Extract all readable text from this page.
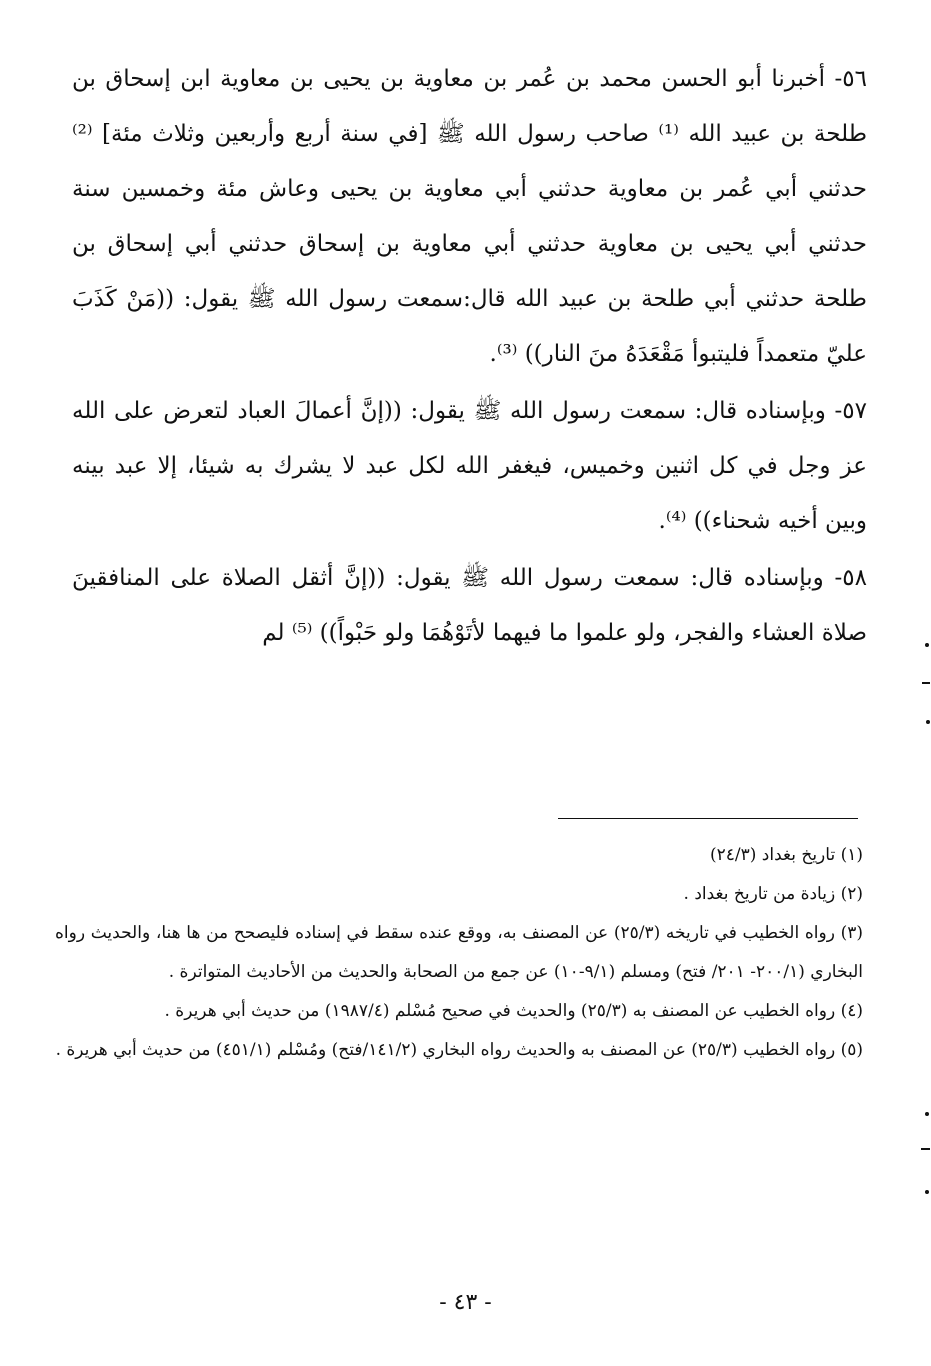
٥٦- أخبرنا أبو الحسن محمد بن عُمر بن معاوية بن يحيى بن معاوية ابن إسحاق بن طلحة بن عبيد الله ⁽¹⁾ صاحب رسول الله ﷺ [في سنة أربع وأربعين وثلاث مئة] ⁽²⁾ حدثني أبي عُمر بن معاوية حدثني أبي معاوية بن يحيى وعاش مئة وخمسين سنة حدثني أبي يحيى بن معاوية حدثني أبي معاوية بن إسحاق حدثني أبي إسحاق بن طلحة حدثني أبي طلحة بن عبيد الله قال:سمعت رسول الله ﷺ يقول: ((مَنْ كَذَبَ عليّ متعمداً فليتبوأ مَقْعَدَهُ منَ النار)) ⁽³⁾.

٥٧- وبإسناده قال: سمعت رسول الله ﷺ يقول: ((إنَّ أعمالَ العباد لتعرض على الله عز وجل في كل اثنين وخميس، فيغفر الله لكل عبد لا يشرك به شيئا، إلا عبد بينه وبين أخيه شحناء)) ⁽⁴⁾.

٥٨- وبإسناده قال: سمعت رسول الله ﷺ يقول: ((إنَّ أثقل الصلاة على المنافقينَ صلاة العشاء والفجر، ولو علموا ما فيهما لأتَوْهُمَا ولو حَبْواً)) ⁽⁵⁾ لم

(١) تاريخ بغداد (٢٤/٣)

(٢) زيادة من تاريخ بغداد .

(٣) رواه الخطيب في تاريخه (٢٥/٣) عن المصنف به، ووقع عنده سقط في إسناده فليصحح من ها هنا، والحديث رواه البخاري (٢٠٠/١- ٢٠١/ فتح) ومسلم (٩/١-١٠) عن جمع من الصحابة والحديث من الأحاديث المتواترة .

(٤) رواه الخطيب عن المصنف به (٢٥/٣) والحديث في صحيح مُسْلم (١٩٨٧/٤) من حديث أبي هريرة .

(٥) رواه الخطيب (٢٥/٣) عن المصنف به والحديث رواه البخاري (١٤١/٢/فتح) ومُسْلم (٤٥١/١) من حديث أبي هريرة .

- ٤٣ -
